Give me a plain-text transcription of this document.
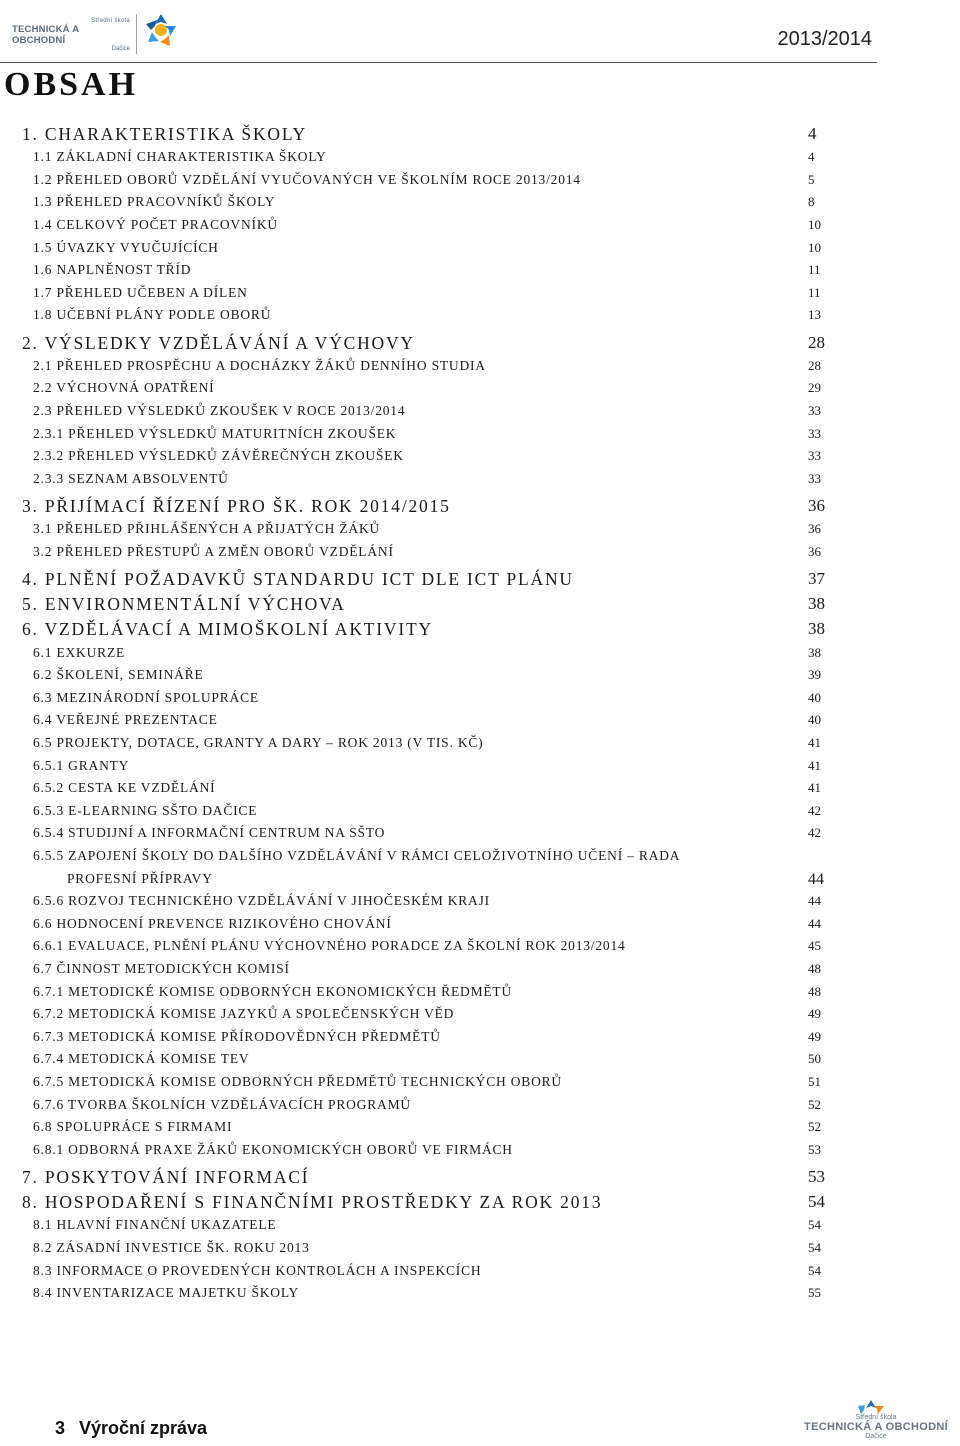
Střední škola
TECHNICKÁ A OBCHODNÍ
Dačice	2013/2014
OBSAH
1. CHARAKTERISTIKA ŠKOLY	4
1.1 ZÁKLADNÍ CHARAKTERISTIKA ŠKOLY	4
1.2 PŘEHLED OBORŮ VZDĚLÁNÍ VYUČOVANÝCH VE ŠKOLNÍM ROCE 2013/2014	5
1.3 PŘEHLED PRACOVNÍKŮ ŠKOLY	8
1.4 CELKOVÝ POČET PRACOVNÍKŮ	10
1.5 ÚVAZKY VYUČUJÍCÍCH	10
1.6 NAPLNĚNOST TŘÍD	11
1.7 PŘEHLED UČEBEN A DÍLEN	11
1.8 UČEBNÍ PLÁNY PODLE OBORŮ	13
2. VÝSLEDKY VZDĚLÁVÁNÍ A VÝCHOVY	28
2.1 PŘEHLED PROSPĚCHU A DOCHÁZKY ŽÁKŮ DENNÍHO STUDIA	28
2.2 VÝCHOVNÁ OPATŘENÍ	29
2.3 PŘEHLED VÝSLEDKŮ ZKOUŠEK V ROCE 2013/2014	33
2.3.1 PŘEHLED VÝSLEDKŮ MATURITNÍCH ZKOUŠEK	33
2.3.2 PŘEHLED VÝSLEDKŮ ZÁVĚREČNÝCH ZKOUŠEK	33
2.3.3 SEZNAM ABSOLVENTŮ	33
3. PŘIJÍMACÍ ŘÍZENÍ PRO ŠK. ROK 2014/2015	36
3.1 PŘEHLED PŘIHLÁŠENÝCH A PŘIJATÝCH ŽÁKŮ	36
3.2 PŘEHLED PŘESTUPŮ A ZMĚN OBORŮ VZDĚLÁNÍ	36
4. PLNĚNÍ POŽADAVKŮ STANDARDU ICT DLE ICT PLÁNU	37
5. ENVIRONMENTÁLNÍ VÝCHOVA	38
6. VZDĚLÁVACÍ A MIMOŠKOLNÍ AKTIVITY	38
6.1 EXKURZE	38
6.2 ŠKOLENÍ, SEMINÁŘE	39
6.3 MEZINÁRODNÍ SPOLUPRÁCE	40
6.4 VEŘEJNÉ PREZENTACE	40
6.5 PROJEKTY, DOTACE, GRANTY A DARY – ROK 2013 (V TIS. KČ)	41
6.5.1 GRANTY	41
6.5.2 CESTA KE VZDĚLÁNÍ	41
6.5.3 E-LEARNING SŠTO DAČICE	42
6.5.4 STUDIJNÍ A INFORMAČNÍ CENTRUM NA SŠTO	42
6.5.5 ZAPOJENÍ ŠKOLY DO DALŠÍHO VZDĚLÁVÁNÍ V RÁMCI CELOŽIVOTNÍHO UČENÍ – RADA
PROFESNÍ PŘÍPRAVY	44
6.5.6 ROZVOJ TECHNICKÉHO VZDĚLÁVÁNÍ V JIHOČESKÉM KRAJI	44
6.6 HODNOCENÍ PREVENCE RIZIKOVÉHO CHOVÁNÍ	44
6.6.1 EVALUACE, PLNĚNÍ PLÁNU VÝCHOVNÉHO PORADCE ZA ŠKOLNÍ ROK 2013/2014	45
6.7 ČINNOST METODICKÝCH KOMISÍ	48
6.7.1 METODICKÉ KOMISE ODBORNÝCH EKONOMICKÝCH ŘEDMĚTŮ	48
6.7.2 METODICKÁ KOMISE JAZYKŮ A SPOLEČENSKÝCH VĚD	49
6.7.3 METODICKÁ KOMISE PŘÍRODOVĚDNÝCH PŘEDMĚTŮ	49
6.7.4 METODICKÁ KOMISE TEV	50
6.7.5 METODICKÁ KOMISE ODBORNÝCH PŘEDMĚTŮ TECHNICKÝCH OBORŮ	51
6.7.6 TVORBA ŠKOLNÍCH VZDĚLÁVACÍCH PROGRAMŮ	52
6.8 SPOLUPRÁCE S FIRMAMI	52
6.8.1 ODBORNÁ PRAXE ŽÁKŮ EKONOMICKÝCH OBORŮ VE FIRMÁCH	53
7. POSKYTOVÁNÍ INFORMACÍ	53
8. HOSPODAŘENÍ S FINANČNÍMI PROSTŘEDKY ZA ROK 2013	54
8.1 HLAVNÍ FINANČNÍ UKAZATELE	54
8.2 ZÁSADNÍ INVESTICE ŠK. ROKU 2013	54
8.3 INFORMACE O PROVEDENÝCH KONTROLÁCH A INSPEKCÍCH	54
8.4 INVENTARIZACE MAJETKU ŠKOLY	55
3 Výroční zpráva
Střední škola
TECHNICKÁ A OBCHODNÍ
Dačice
